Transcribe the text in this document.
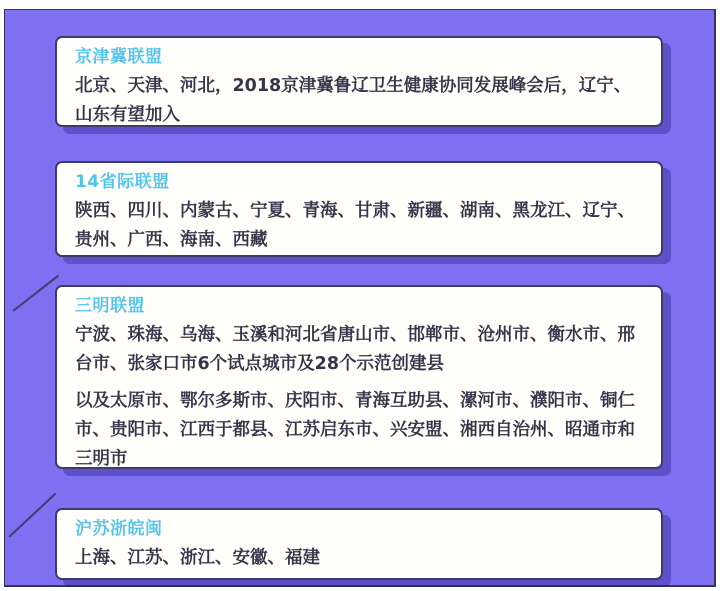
京津冀联盟

北京、天津、河北，2018京津冀鲁辽卫生健康协同发展峰会后，辽宁、山东有望加入

14省际联盟

陕西、四川、内蒙古、宁夏、青海、甘肃、新疆、湖南、黑龙江、辽宁、贵州、广西、海南、西藏

三明联盟

宁波、珠海、乌海、玉溪和河北省唐山市、邯郸市、沧州市、衡水市、邢台市、张家口市6个试点城市及28个示范创建县

以及太原市、鄂尔多斯市、庆阳市、青海互助县、漯河市、濮阳市、铜仁市、贵阳市、江西于都县、江苏启东市、兴安盟、湘西自治州、昭通市和三明市

沪苏浙皖闽

上海、江苏、浙江、安徽、福建
